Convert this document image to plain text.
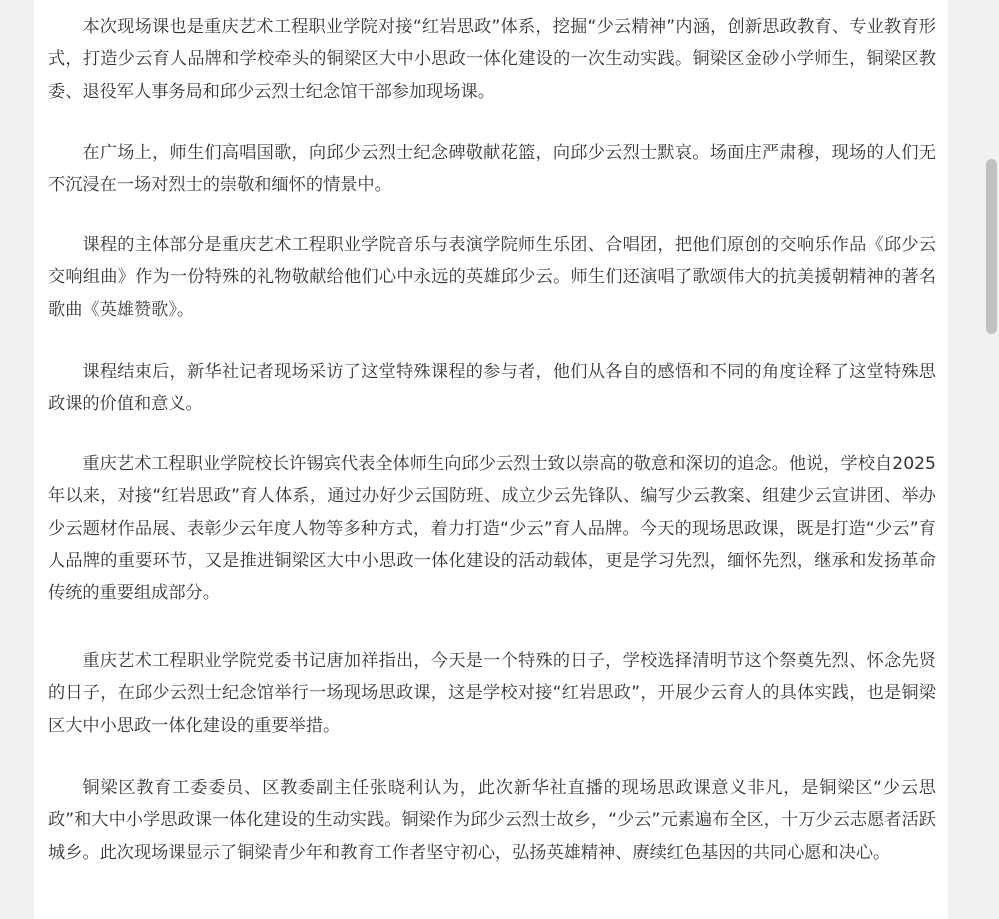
本次现场课也是重庆艺术工程职业学院对接“红岩思政”体系，挖掘“少云精神”内涵，创新思政教育、专业教育形式，打造少云育人品牌和学校牵头的铜梁区大中小思政一体化建设的一次生动实践。铜梁区金砂小学师生，铜梁区教委、退役军人事务局和邱少云烈士纪念馆干部参加现场课。

在广场上，师生们高唱国歌，向邱少云烈士纪念碑敬献花篮，向邱少云烈士默哀。场面庄严肃穆，现场的人们无不沉浸在一场对烈士的崇敬和缅怀的情景中。

课程的主体部分是重庆艺术工程职业学院音乐与表演学院师生乐团、合唱团，把他们原创的交响乐作品《邱少云交响组曲》作为一份特殊的礼物敬献给他们心中永远的英雄邱少云。师生们还演唱了歌颂伟大的抗美援朝精神的著名歌曲《英雄赞歌》。

课程结束后，新华社记者现场采访了这堂特殊课程的参与者，他们从各自的感悟和不同的角度诠释了这堂特殊思政课的价值和意义。

重庆艺术工程职业学院校长许锡宾代表全体师生向邱少云烈士致以崇高的敬意和深切的追念。他说，学校自2025年以来，对接“红岩思政”育人体系，通过办好少云国防班、成立少云先锋队、编写少云教案、组建少云宣讲团、举办少云题材作品展、表彰少云年度人物等多种方式，着力打造“少云”育人品牌。今天的现场思政课，既是打造“少云”育人品牌的重要环节，又是推进铜梁区大中小思政一体化建设的活动载体，更是学习先烈，缅怀先烈，继承和发扬革命传统的重要组成部分。

重庆艺术工程职业学院党委书记唐加祥指出，今天是一个特殊的日子，学校选择清明节这个祭奠先烈、怀念先贤的日子，在邱少云烈士纪念馆举行一场现场思政课，这是学校对接“红岩思政”，开展少云育人的具体实践，也是铜梁区大中小思政一体化建设的重要举措。

铜梁区教育工委委员、区教委副主任张晓利认为，此次新华社直播的现场思政课意义非凡，是铜梁区“少云思政”和大中小学思政课一体化建设的生动实践。铜梁作为邱少云烈士故乡，“少云”元素遍布全区，十万少云志愿者活跃城乡。此次现场课显示了铜梁青少年和教育工作者坚守初心，弘扬英雄精神、赓续红色基因的共同心愿和决心。
